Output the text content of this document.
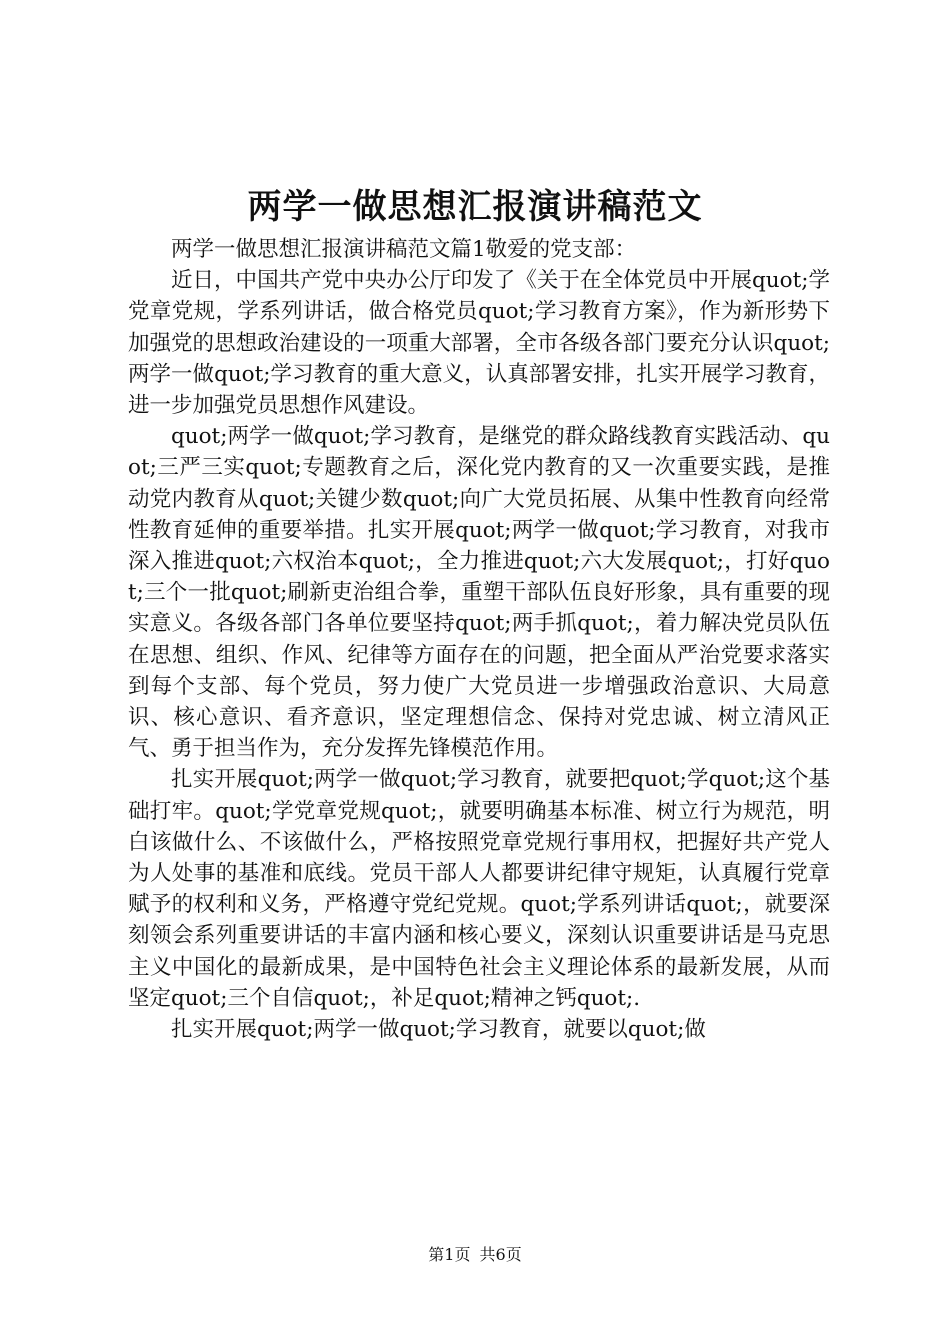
两学一做思想汇报演讲稿范文

两学一做思想汇报演讲稿范文篇1敬爱的党支部：

近日，中国共产党中央办公厅印发了《关于在全体党员中开展quot;学党章党规，学系列讲话，做合格党员quot;学习教育方案》，作为新形势下加强党的思想政治建设的一项重大部署，全市各级各部门要充分认识quot;两学一做quot;学习教育的重大意义，认真部署安排，扎实开展学习教育，进一步加强党员思想作风建设。

quot;两学一做quot;学习教育，是继党的群众路线教育实践活动、quot;三严三实quot;专题教育之后，深化党内教育的又一次重要实践，是推动党内教育从quot;关键少数quot;向广大党员拓展、从集中性教育向经常性教育延伸的重要举措。扎实开展quot;两学一做quot;学习教育，对我市深入推进quot;六权治本quot;，全力推进quot;六大发展quot;，打好quot;三个一批quot;刷新吏治组合拳，重塑干部队伍良好形象，具有重要的现实意义。各级各部门各单位要坚持quot;两手抓quot;，着力解决党员队伍在思想、组织、作风、纪律等方面存在的问题，把全面从严治党要求落实到每个支部、每个党员，努力使广大党员进一步增强政治意识、大局意识、核心意识、看齐意识，坚定理想信念、保持对党忠诚、树立清风正气、勇于担当作为，充分发挥先锋模范作用。

扎实开展quot;两学一做quot;学习教育，就要把quot;学quot;这个基础打牢。quot;学党章党规quot;，就要明确基本标准、树立行为规范，明白该做什么、不该做什么，严格按照党章党规行事用权，把握好共产党人为人处事的基准和底线。党员干部人人都要讲纪律守规矩，认真履行党章赋予的权利和义务，严格遵守党纪党规。quot;学系列讲话quot;，就要深刻领会系列重要讲话的丰富内涵和核心要义，深刻认识重要讲话是马克思主义中国化的最新成果，是中国特色社会主义理论体系的最新发展，从而坚定quot;三个自信quot;，补足quot;精神之钙quot;.

扎实开展quot;两学一做quot;学习教育，就要以quot;做

第1页 共6页
